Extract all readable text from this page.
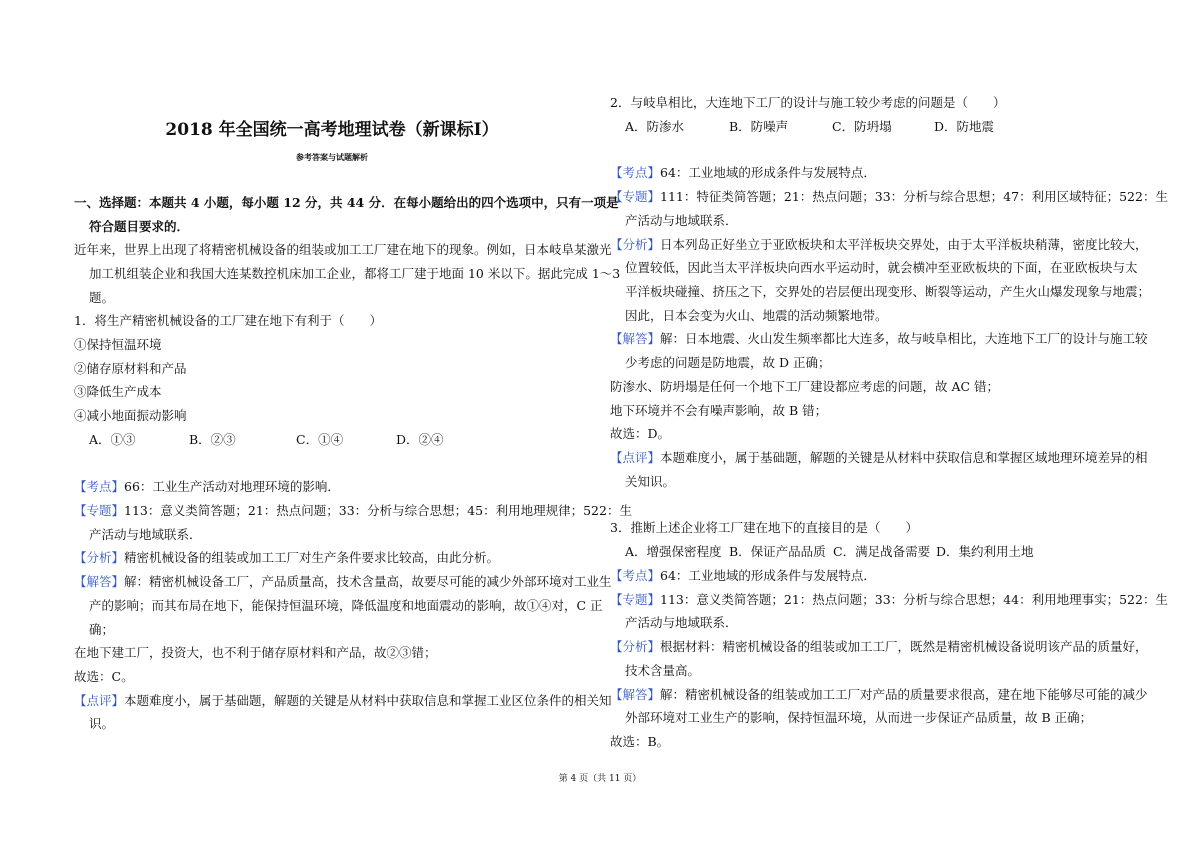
2018 年全国统一高考地理试卷（新课标Ⅰ）
参考答案与试题解析
一、选择题：本题共 4 小题，每小题 12 分，共 44 分．在每小题给出的四个选项中，只有一项是
符合题目要求的．
近年来，世界上出现了将精密机械设备的组装或加工工厂建在地下的现象。例如，日本岐阜某激光
加工机组装企业和我国大连某数控机床加工企业，都将工厂建于地面 10 米以下。据此完成 1～3
题。
1．将生产精密机械设备的工厂建在地下有利于（　　）
①保持恒温环境
②储存原材料和产品
③降低生产成本
④减小地面振动影响
A．①③	B．②③	C．①④	D．②④
【考点】66：工业生产活动对地理环境的影响．
【专题】113：意义类简答题；21：热点问题；33：分析与综合思想；45：利用地理规律；522：生
产活动与地域联系．
【分析】精密机械设备的组装或加工工厂对生产条件要求比较高，由此分析。
【解答】解：精密机械设备工厂，产品质量高，技术含量高，故要尽可能的减少外部环境对工业生
产的影响；而其布局在地下，能保持恒温环境，降低温度和地面震动的影响，故①④对，C 正
确；
在地下建工厂，投资大，也不利于储存原材料和产品，故②③错；
故选：C。
【点评】本题难度小，属于基础题，解题的关键是从材料中获取信息和掌握工业区位条件的相关知
识。
2．与岐阜相比，大连地下工厂的设计与施工较少考虑的问题是（　　）
A．防渗水	B．防噪声	C．防坍塌	D．防地震
【考点】64：工业地域的形成条件与发展特点．
【专题】111：特征类简答题；21：热点问题；33：分析与综合思想；47：利用区域特征；522：生
产活动与地域联系．
【分析】日本列岛正好坐立于亚欧板块和太平洋板块交界处，由于太平洋板块稍薄，密度比较大，
位置较低，因此当太平洋板块向西水平运动时，就会横冲至亚欧板块的下面，在亚欧板块与太
平洋板块碰撞、挤压之下，交界处的岩层便出现变形、断裂等运动，产生火山爆发现象与地震；
因此，日本会变为火山、地震的活动频繁地带。
【解答】解：日本地震、火山发生频率都比大连多，故与岐阜相比，大连地下工厂的设计与施工较
少考虑的问题是防地震，故 D 正确；
防渗水、防坍塌是任何一个地下工厂建设都应考虑的问题，故 AC 错；
地下环境并不会有噪声影响，故 B 错；
故选：D。
【点评】本题难度小，属于基础题，解题的关键是从材料中获取信息和掌握区域地理环境差异的相
关知识。
3．推断上述企业将工厂建在地下的直接目的是（　　）
A．增强保密程度 B．保证产品品质 C．满足战备需要 D．集约利用土地
【考点】64：工业地域的形成条件与发展特点．
【专题】113：意义类简答题；21：热点问题；33：分析与综合思想；44：利用地理事实；522：生
产活动与地域联系．
【分析】根据材料：精密机械设备的组装或加工工厂，既然是精密机械设备说明该产品的质量好，
技术含量高。
【解答】解：精密机械设备的组装或加工工厂对产品的质量要求很高，建在地下能够尽可能的减少
外部环境对工业生产的影响，保持恒温环境，从而进一步保证产品质量，故 B 正确；
故选：B。
第 4 页（共 11 页）
